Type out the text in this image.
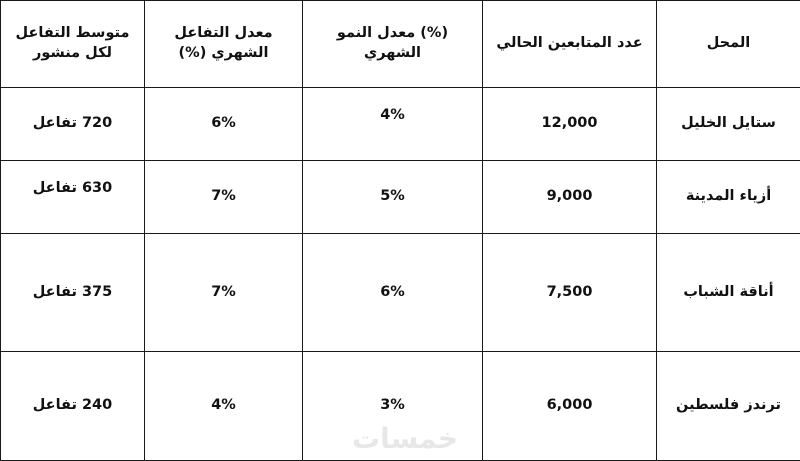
المحل	عدد المتابعين الحالي	(%) معدل النمو الشهري	معدل التفاعل الشهري (%)	متوسط التفاعل لكل منشور
ستايل الخليل	12,000	4%	6%	720 تفاعل
أزياء المدينة	9,000	5%	7%	630 تفاعل
أناقة الشباب	7,500	6%	7%	375 تفاعل
ترندز فلسطين	6,000	3%	4%	240 تفاعل
خمسات
